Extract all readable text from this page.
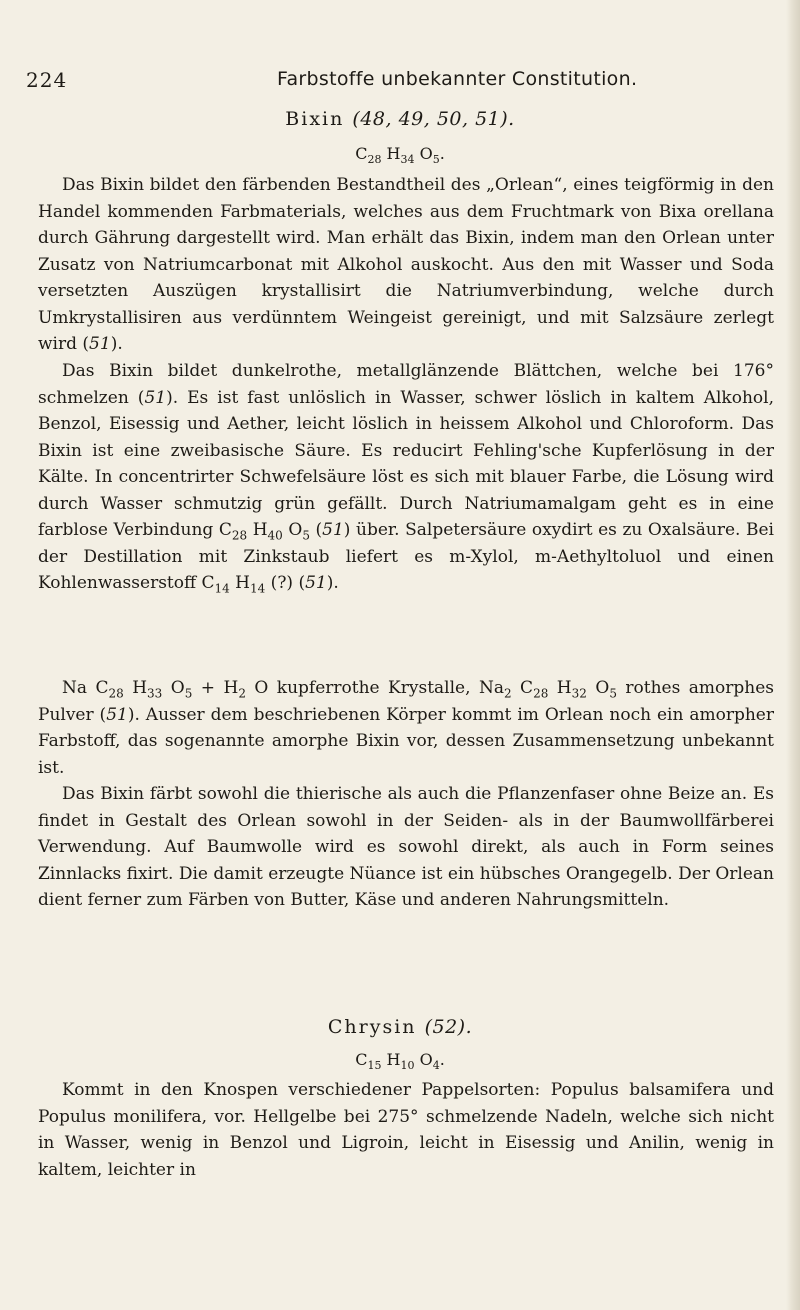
224	Farbstoffe unbekannter Constitution.
Bixin (48, 49, 50, 51).
$C_{28}$ $H_{34}$ $O_5$.
Das Bixin bildet den färbenden Bestandtheil des „Orlean“, eines teigförmig in den Handel kommenden Farbmaterials, welches aus dem Fruchtmark von Bixa orellana durch Gährung dargestellt wird. Man erhält das Bixin, indem man den Orlean unter Zusatz von Natriumcarbonat mit Alkohol auskocht. Aus den mit Wasser und Soda versetzten Auszügen krystallisirt die Natriumverbindung, welche durch Umkrystallisiren aus verdünntem Weingeist gereinigt, und mit Salzsäure zerlegt wird (51).
Das Bixin bildet dunkelrothe, metallglänzende Blättchen, welche bei 176° schmelzen (51). Es ist fast unlöslich in Wasser, schwer löslich in kaltem Alkohol, Benzol, Eisessig und Aether, leicht löslich in heissem Alkohol und Chloroform. Das Bixin ist eine zweibasische Säure. Es reducirt Fehling'sche Kupferlösung in der Kälte. In concentrirter Schwefelsäure löst es sich mit blauer Farbe, die Lösung wird durch Wasser schmutzig grün gefällt. Durch Natriumamalgam geht es in eine farblose Verbindung $C_{28}$ $H_{40}$ $O_5$ (51) über. Salpetersäure oxydirt es zu Oxalsäure. Bei der Destillation mit Zinkstaub liefert es m-Xylol, m-Aethyltoluol und einen Kohlenwasserstoff $C_{14}$ $H_{14}$ (?) (51).
Na $C_{28}$ $H_{33}$ $O_5 + H_2$ O kupferrothe Krystalle, $Na_2$ $C_{28}$ $H_{32}$ $O_5$ rothes amorphes Pulver (51). Ausser dem beschriebenen Körper kommt im Orlean noch ein amorpher Farbstoff, das sogenannte amorphe Bixin vor, dessen Zusammensetzung unbekannt ist.
Das Bixin färbt sowohl die thierische als auch die Pflanzenfaser ohne Beize an. Es findet in Gestalt des Orlean sowohl in der Seiden- als in der Baumwollfärberei Verwendung. Auf Baumwolle wird es sowohl direkt, als auch in Form seines Zinnlacks fixirt. Die damit erzeugte Nüance ist ein hübsches Orangegelb. Der Orlean dient ferner zum Färben von Butter, Käse und anderen Nahrungsmitteln.
Chrysin (52).
$C_{15}$ $H_{10}$ $O_4$.
Kommt in den Knospen verschiedener Pappelsorten: Populus balsamifera und Populus monilifera, vor. Hellgelbe bei 275° schmelzende Nadeln, welche sich nicht in Wasser, wenig in Benzol und Ligroin, leicht in Eisessig und Anilin, wenig in kaltem, leichter in
